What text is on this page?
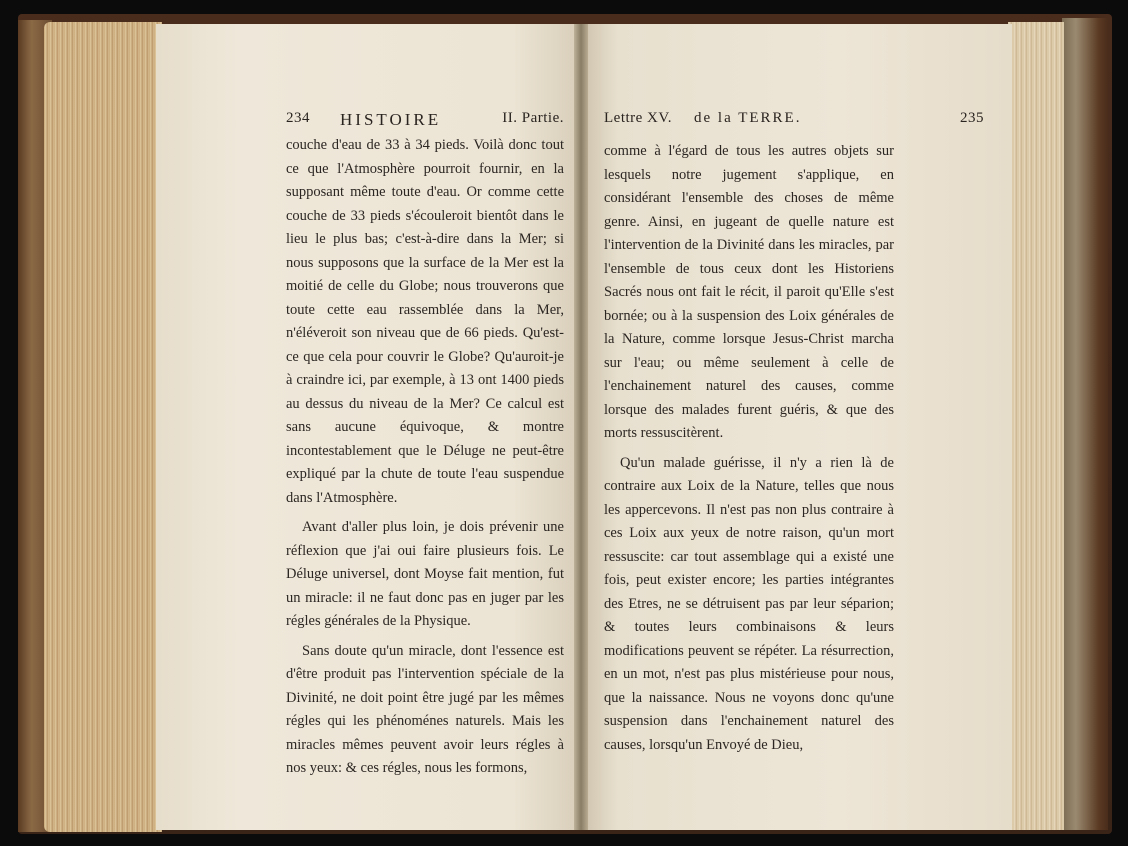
234 HISTOIRE	II. Partie.

couche d'eau de 33 à 34 pieds. Voilà donc tout ce que l'Atmosphère pourroit fournir, en la supposant même toute d'eau. Or comme cette couche de 33 pieds s'écouleroit bientôt dans le lieu le plus bas; c'est-à-dire dans la Mer; si nous supposons que la surface de la Mer est la moitié de celle du Globe; nous trouverons que toute cette eau rassemblée dans la Mer, n'éléveroit son niveau que de 66 pieds. Qu'est-ce que cela pour couvrir le Globe? Qu'auroit-je à craindre ici, par exemple, à 13 ont 1400 pieds au dessus du niveau de la Mer? Ce calcul est sans aucune équivoque, & montre incontestablement que le Déluge ne peut-être expliqué par la chute de toute l'eau suspendue dans l'Atmosphère.

Avant d'aller plus loin, je dois prévenir une réflexion que j'ai oui faire plusieurs fois. Le Déluge universel, dont Moyse fait mention, fut un miracle: il ne faut donc pas en juger par les régles générales de la Physique.

Sans doute qu'un miracle, dont l'essence est d'être produit pas l'intervention spéciale de la Divinité, ne doit point être jugé par les mêmes régles qui les phénoménes naturels. Mais les miracles mêmes peuvent avoir leurs régles à nos yeux: & ces régles, nous les formons,

Lettre XV. de la TERRE.	235

comme à l'égard de tous les autres objets sur lesquels notre jugement s'applique, en considérant l'ensemble des choses de même genre. Ainsi, en jugeant de quelle nature est l'intervention de la Divinité dans les miracles, par l'ensemble de tous ceux dont les Historiens Sacrés nous ont fait le récit, il paroit qu'Elle s'est bornée; ou à la suspension des Loix générales de la Nature, comme lorsque Jesus-Christ marcha sur l'eau; ou même seulement à celle de l'enchainement naturel des causes, comme lorsque des malades furent guéris, & que des morts ressuscitèrent.

Qu'un malade guérisse, il n'y a rien là de contraire aux Loix de la Nature, telles que nous les appercevons. Il n'est pas non plus contraire à ces Loix aux yeux de notre raison, qu'un mort ressuscite: car tout assemblage qui a existé une fois, peut exister encore; les parties intégrantes des Etres, ne se détruisent pas par leur séparion; & toutes leurs combinaisons & leurs modifications peuvent se répéter. La résurrection, en un mot, n'est pas plus mistérieuse pour nous, que la naissance. Nous ne voyons donc qu'une suspension dans l'enchainement naturel des causes, lorsqu'un Envoyé de Dieu,
